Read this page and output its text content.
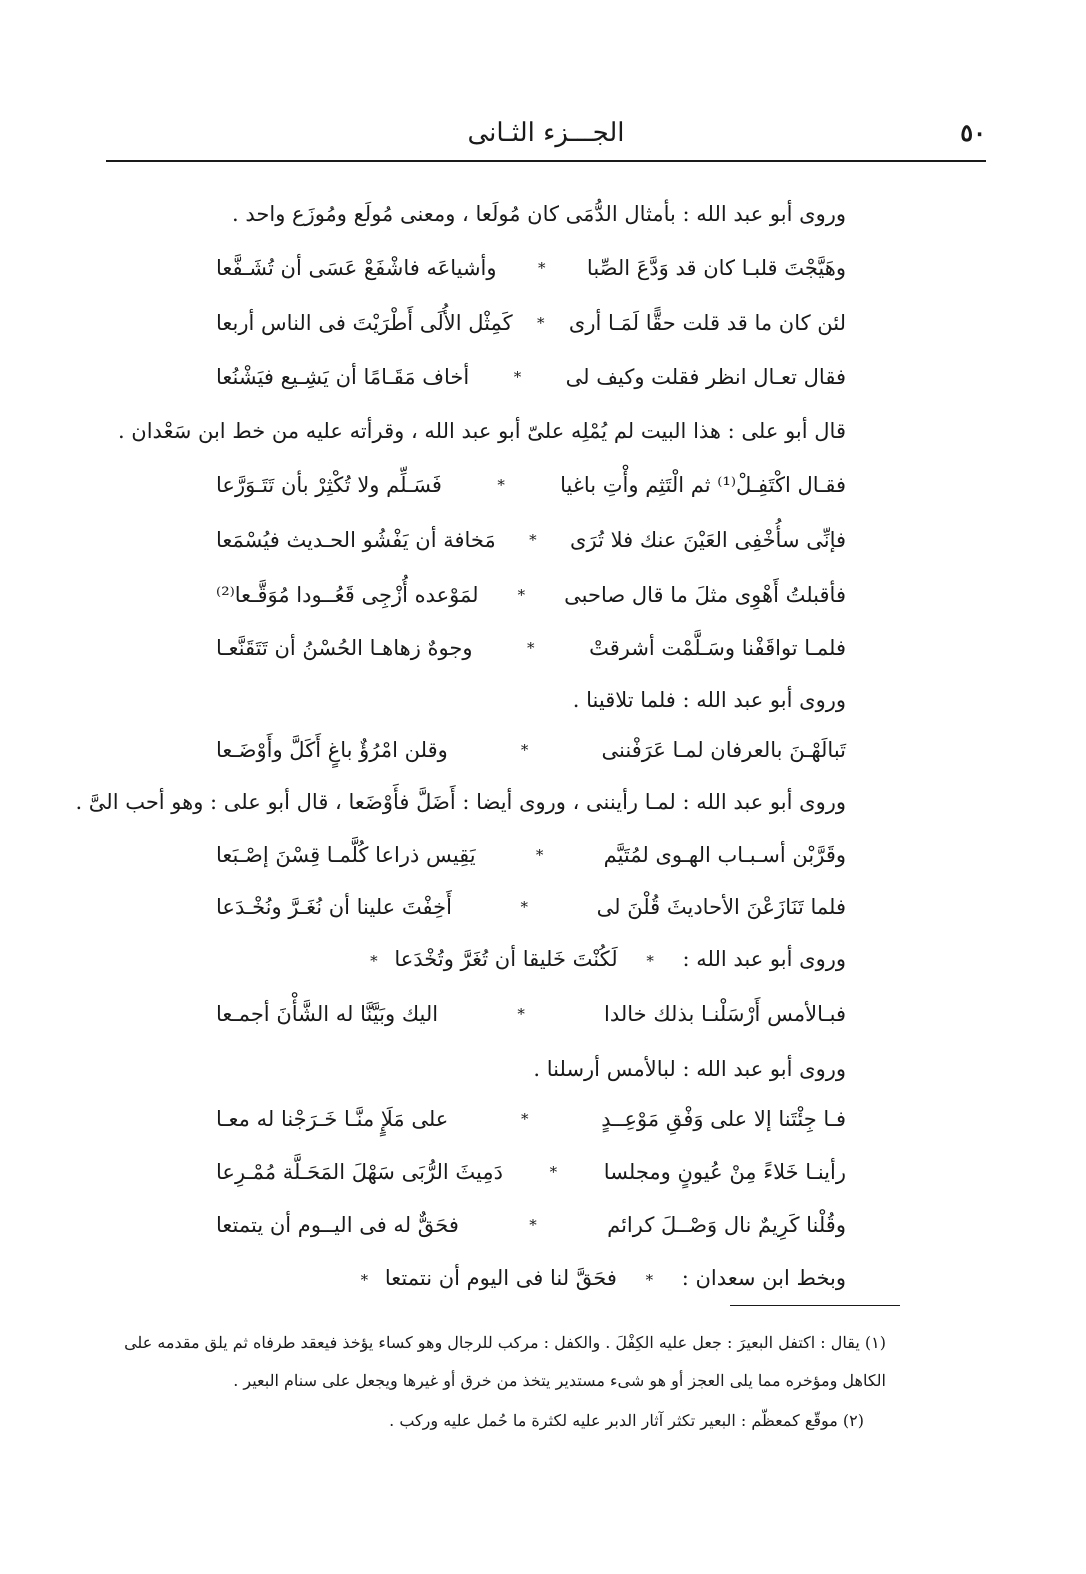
٥٠
الجـــزء الثـانى
وروى أبو عبد الله : بأمثال الدُّمَى كان مُولَعا ، ومعنى مُولَع ومُوزَع واحد .
وهَيَّجْتَ قلبـا كان قد وَدَّعَ الصِّبا
*
وأشياعَه فاشْفَعْ عَسَى أن تُشَـفَّعا
لئن كان ما قد قلت حقًّا لَمَـا أرى
*
كَمِثْل الأُلَى أَطْرَيْتَ فى الناس أربعا
فقال تعـال انظر فقلت وكيف لى
*
أخاف مَقَـامًا أن يَشِـيع فيَشْنُعا
قال أبو على : هذا البيت لم يُمْلِه علىّ أبو عبد الله ، وقرأته عليه من خط ابن سَعْدان .
فقـال اكْتَفِـلْ⁽¹⁾ ثم الْتَثِم وأْتِ باغيا
*
فَسَـلِّم ولا تُكْثِرْ بأن تَتَـوَرَّعا
فإنِّى سأُخْفِى العَيْنَ عنك فلا تُرَى
*
مَخافة أن يَفْشُو الحـديث فيُسْمَعا
فأقبلتُ أَهْوِى مثلَ ما قال صاحبى
*
لمَوْعده أُزْجِى قَعُــودا مُوَقَّـعا⁽²⁾
فلمـا تواقَفْنا وسَـلَّمْت أشرقتْ
*
وجوهٌ زهاهـا الحُسْنُ أن تَتَقَنَّعـا
وروى أبو عبد الله : فلما تلاقينا .
تَبالَهْـنَ بالعرفان لمـا عَرَفْننى
*
وقلن امْرُؤٌ باغٍ أَكَلَّ وأَوْضَـعا
وروى أبو عبد الله : لمـا رأيننى ، وروى أيضا : أَضَلَّ فأَوْضَعا ، قال أبو على : وهو أحب الىَّ .
وقَرَّبْن أسـبـاب الهـوى لمُتَيَّم
*
يَقِيس ذراعا كُلَّمـا قِسْنَ إصْـبَعا
فلما تَنَازَعْنَ الأحاديثَ قُلْنَ لى
*
أَخِفْتَ علينا أن نُغَـرَّ ونُخْـدَعا
وروى أبو عبد الله : * لَكُنْتَ خَليقا أن تُغَرَّ وتُخْدَعا *
فبـالأمس أَرْسَلْنـا بذلك خالدا
*
اليك وبَيَّنَّا له الشَّأْنَ أجمـعا
وروى أبو عبد الله : لبالأمس أرسلنا .
فـا جِئْتَنا إلا على وَفْقِ مَوْعِــدٍ
*
على مَلَإٍ منَّـا خَـرَجْنا له معـا
رأينـا خَلاءً مِنْ عُيونٍ ومجلسا
*
دَمِيثَ الرُّبَى سَهْلَ المَحَـلَّة مُمْـرِعا
وقُلْنا كَرِيمٌ نال وَصْــلَ كرائم
*
فحَقٌّ له فى اليــوم أن يتمتعا
وبخط ابن سعدان : * فحَقَّ لنا فى اليوم أن نتمتعا *
(١) يقال : اكتفل البعيرَ : جعل عليه الكِفْلَ . والكفل : مركب للرجال وهو كساء يؤخذ فيعقد طرفاه ثم يلق مقدمه على
الكاهل ومؤخره مما يلى العجز أو هو شىء مستدير يتخذ من خرق أو غيرها ويجعل على سنام البعير .
(٢) موقّع كمعظّم : البعير تكثر آثار الدبر عليه لكثرة ما حُمل عليه وركب .
